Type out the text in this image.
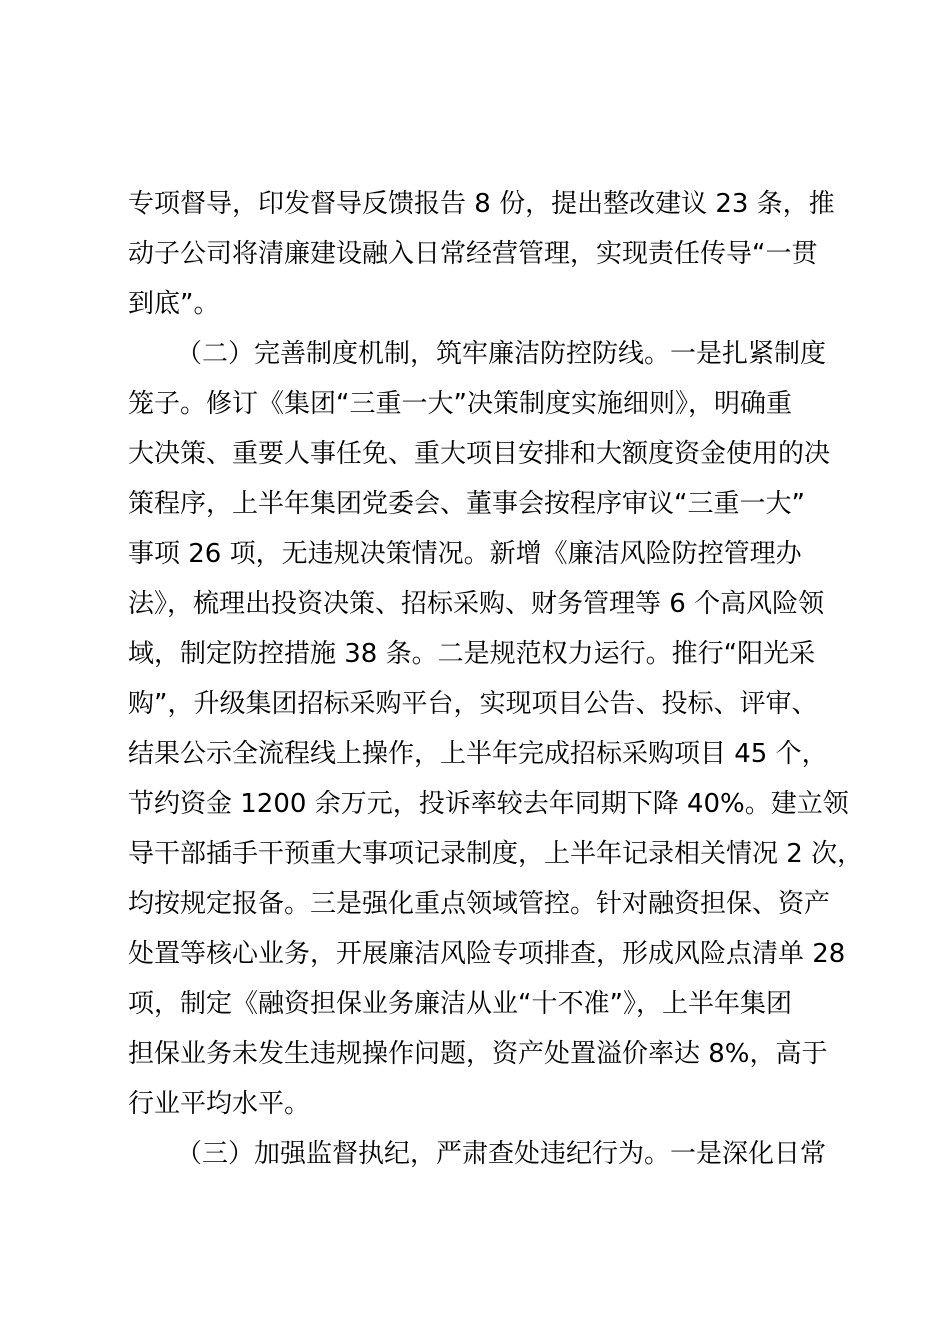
专项督导，印发督导反馈报告 8 份，提出整改建议 23 条，推
动子公司将清廉建设融入日常经营管理，实现责任传导“一贯
到底”。
（二）完善制度机制，筑牢廉洁防控防线。一是扎紧制度
笼子。修订《集团“三重一大”决策制度实施细则》，明确重
大决策、重要人事任免、重大项目安排和大额度资金使用的决
策程序，上半年集团党委会、董事会按程序审议“三重一大”
事项 26 项，无违规决策情况。新增《廉洁风险防控管理办
法》，梳理出投资决策、招标采购、财务管理等 6 个高风险领
域，制定防控措施 38 条。二是规范权力运行。推行“阳光采
购”，升级集团招标采购平台，实现项目公告、投标、评审、
结果公示全流程线上操作，上半年完成招标采购项目 45 个，
节约资金 1200 余万元，投诉率较去年同期下降 40%。建立领
导干部插手干预重大事项记录制度，上半年记录相关情况 2 次，
均按规定报备。三是强化重点领域管控。针对融资担保、资产
处置等核心业务，开展廉洁风险专项排查，形成风险点清单 28
项，制定《融资担保业务廉洁从业“十不准”》，上半年集团
担保业务未发生违规操作问题，资产处置溢价率达 8%，高于
行业平均水平。
（三）加强监督执纪，严肃查处违纪行为。一是深化日常
